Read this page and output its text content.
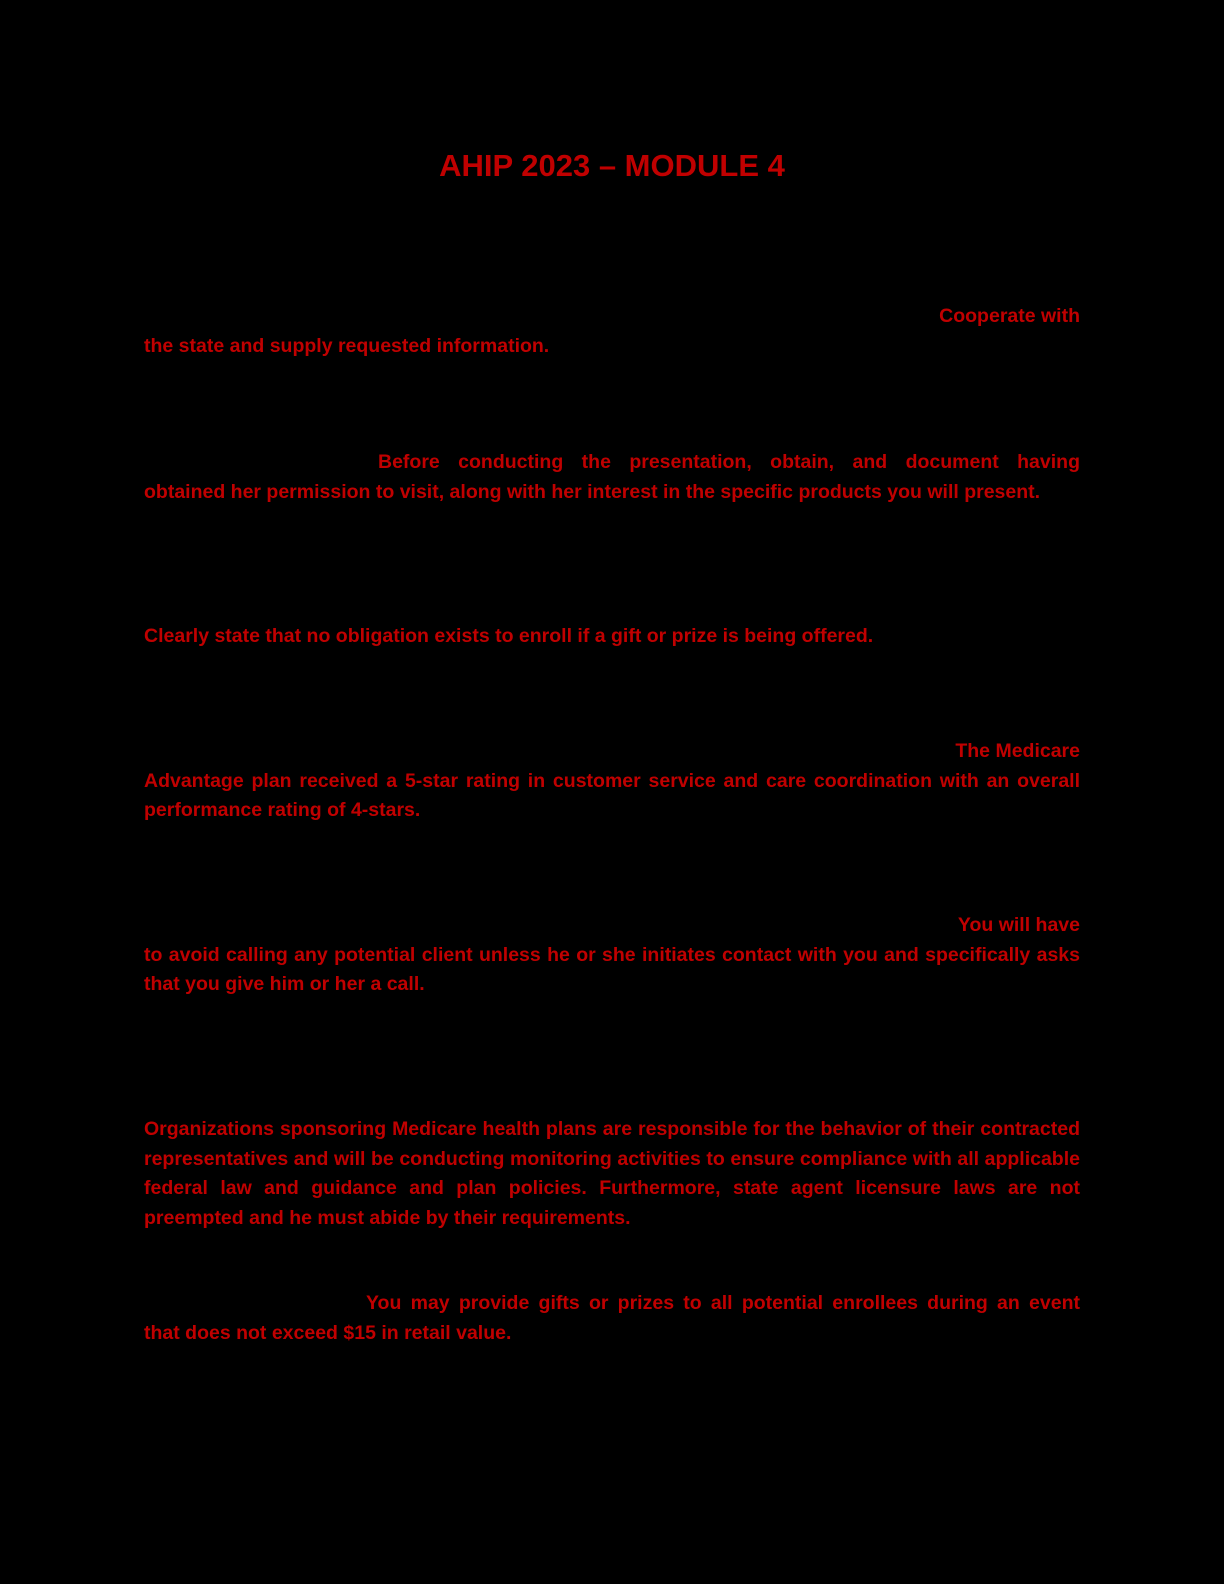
AHIP 2023 – MODULE 4
Cooperate with
the state and supply requested information.
Before conducting the presentation, obtain, and document having
obtained her permission to visit, along with her interest in the specific products you will present.
Clearly state that no obligation exists to enroll if a gift or prize is being offered.
The Medicare
Advantage plan received a 5-star rating in customer service and care coordination with an overall performance rating of 4-stars.
You will have
to avoid calling any potential client unless he or she initiates contact with you and specifically asks that you give him or her a call.
Organizations sponsoring Medicare health plans are responsible for the behavior of their contracted representatives and will be conducting monitoring activities to ensure compliance with all applicable federal law and guidance and plan policies. Furthermore, state agent licensure laws are not preempted and he must abide by their requirements.
You may provide gifts or prizes to all potential enrollees during an event
that does not exceed $15 in retail value.
